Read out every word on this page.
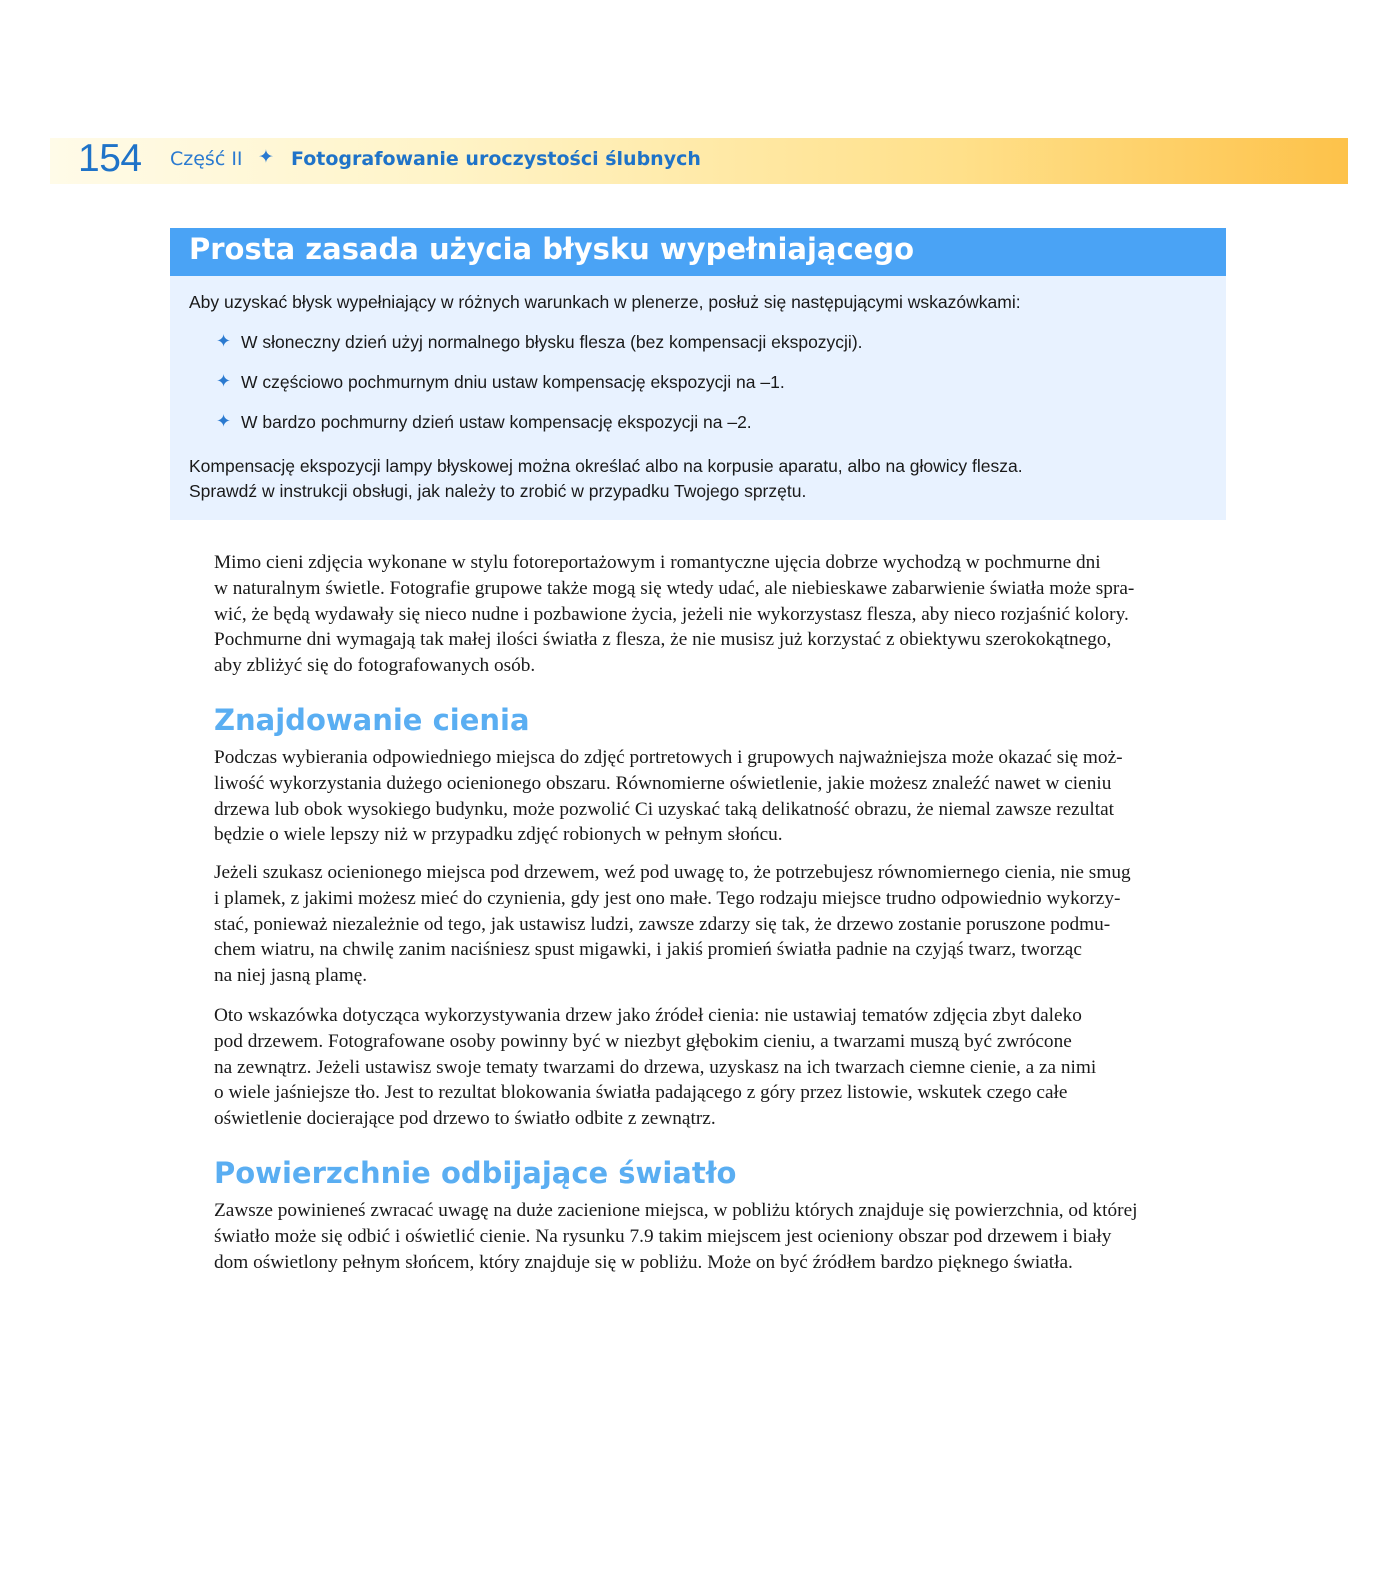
154 Część II ✦ Fotografowanie uroczystości ślubnych
Prosta zasada użycia błysku wypełniającego
Aby uzyskać błysk wypełniający w różnych warunkach w plenerze, posłuż się następującymi wskazówkami:
✦ W słoneczny dzień użyj normalnego błysku flesza (bez kompensacji ekspozycji).
✦ W częściowo pochmurnym dniu ustaw kompensację ekspozycji na –1.
✦ W bardzo pochmurny dzień ustaw kompensację ekspozycji na –2.
Kompensację ekspozycji lampy błyskowej można określać albo na korpusie aparatu, albo na głowicy flesza.
Sprawdź w instrukcji obsługi, jak należy to zrobić w przypadku Twojego sprzętu.
Mimo cieni zdjęcia wykonane w stylu fotoreportażowym i romantyczne ujęcia dobrze wychodzą w pochmurne dni
w naturalnym świetle. Fotografie grupowe także mogą się wtedy udać, ale niebieskawe zabarwienie światła może spra-
wić, że będą wydawały się nieco nudne i pozbawione życia, jeżeli nie wykorzystasz flesza, aby nieco rozjaśnić kolory.
Pochmurne dni wymagają tak małej ilości światła z flesza, że nie musisz już korzystać z obiektywu szerokokątnego,
aby zbliżyć się do fotografowanych osób.
Znajdowanie cienia
Podczas wybierania odpowiedniego miejsca do zdjęć portretowych i grupowych najważniejsza może okazać się moż-
liwość wykorzystania dużego ocienionego obszaru. Równomierne oświetlenie, jakie możesz znaleźć nawet w cieniu
drzewa lub obok wysokiego budynku, może pozwolić Ci uzyskać taką delikatność obrazu, że niemal zawsze rezultat
będzie o wiele lepszy niż w przypadku zdjęć robionych w pełnym słońcu.
Jeżeli szukasz ocienionego miejsca pod drzewem, weź pod uwagę to, że potrzebujesz równomiernego cienia, nie smug
i plamek, z jakimi możesz mieć do czynienia, gdy jest ono małe. Tego rodzaju miejsce trudno odpowiednio wykorzy-
stać, ponieważ niezależnie od tego, jak ustawisz ludzi, zawsze zdarzy się tak, że drzewo zostanie poruszone podmu-
chem wiatru, na chwilę zanim naciśniesz spust migawki, i jakiś promień światła padnie na czyjąś twarz, tworząc
na niej jasną plamę.
Oto wskazówka dotycząca wykorzystywania drzew jako źródeł cienia: nie ustawiaj tematów zdjęcia zbyt daleko
pod drzewem. Fotografowane osoby powinny być w niezbyt głębokim cieniu, a twarzami muszą być zwrócone
na zewnątrz. Jeżeli ustawisz swoje tematy twarzami do drzewa, uzyskasz na ich twarzach ciemne cienie, a za nimi
o wiele jaśniejsze tło. Jest to rezultat blokowania światła padającego z góry przez listowie, wskutek czego całe
oświetlenie docierające pod drzewo to światło odbite z zewnątrz.
Powierzchnie odbijające światło
Zawsze powinieneś zwracać uwagę na duże zacienione miejsca, w pobliżu których znajduje się powierzchnia, od której
światło może się odbić i oświetlić cienie. Na rysunku 7.9 takim miejscem jest ocieniony obszar pod drzewem i biały
dom oświetlony pełnym słońcem, który znajduje się w pobliżu. Może on być źródłem bardzo pięknego światła.
